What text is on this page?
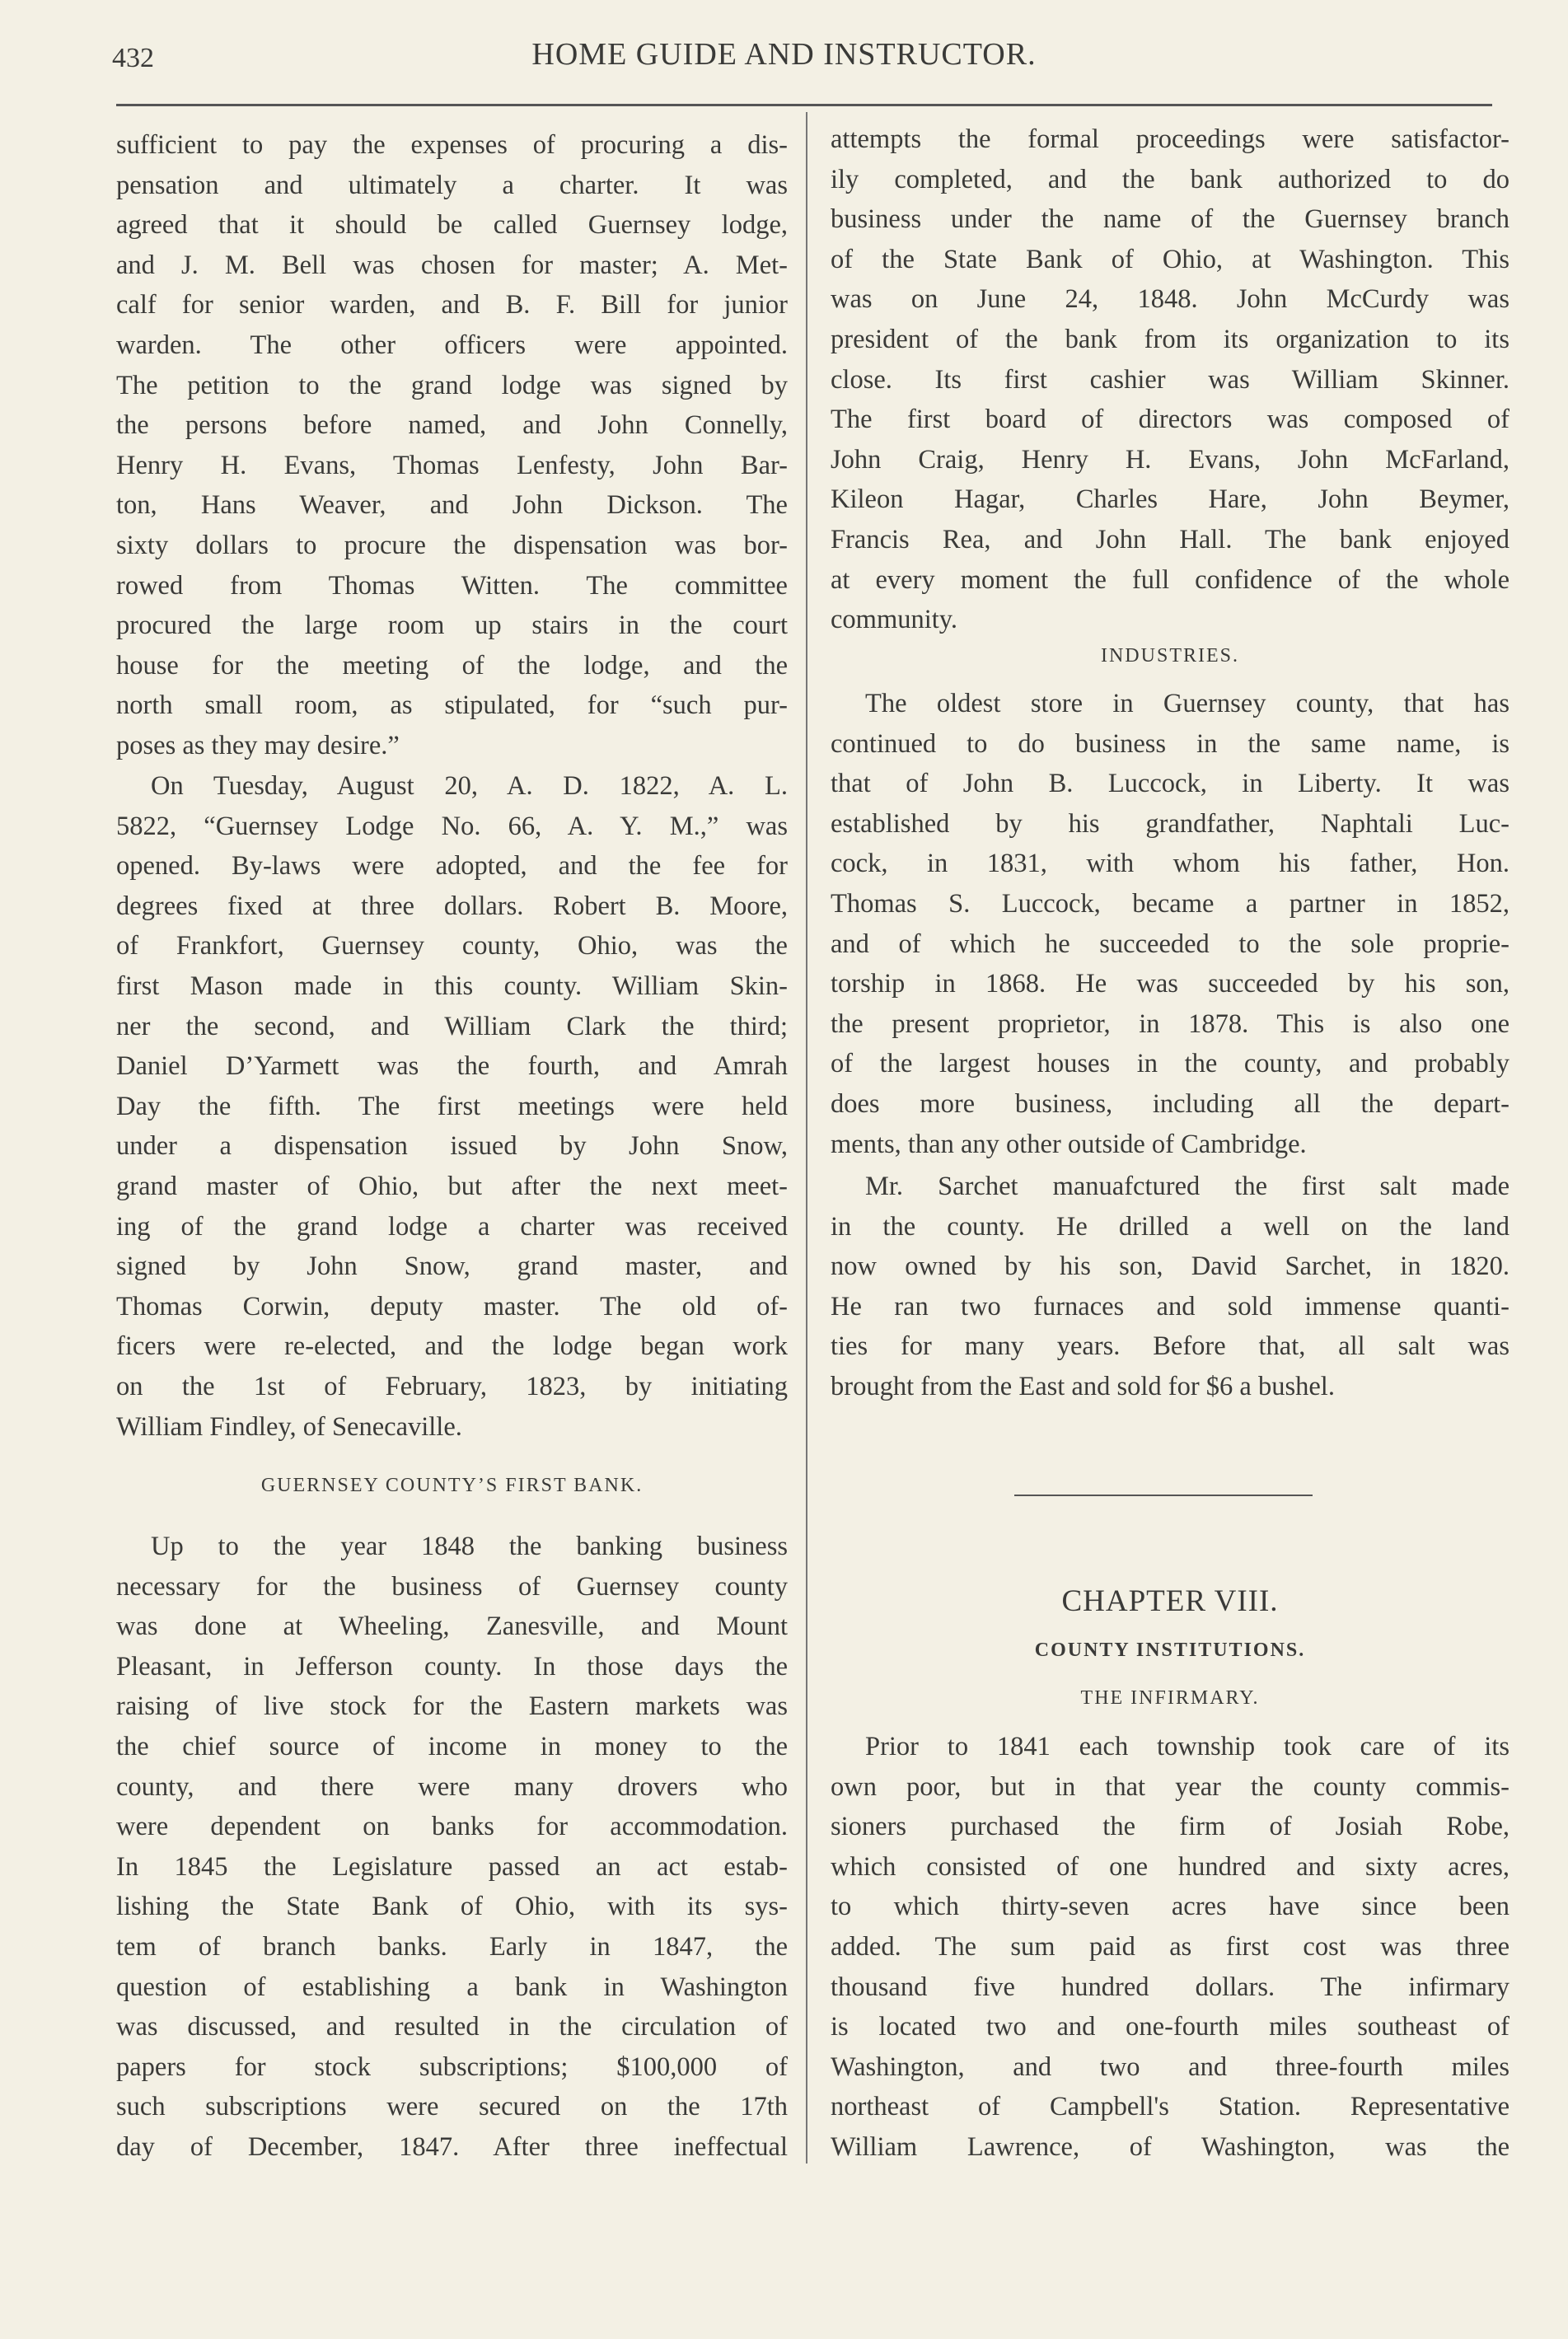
432	HOME GUIDE AND INSTRUCTOR.
sufficient to pay the expenses of procuring a dis-
pensation and ultimately a charter. It was
agreed that it should be called Guernsey lodge,
and J. M. Bell was chosen for master; A. Met-
calf for senior warden, and B. F. Bill for junior
warden. The other officers were appointed.
The petition to the grand lodge was signed by
the persons before named, and John Connelly,
Henry H. Evans, Thomas Lenfesty, John Bar-
ton, Hans Weaver, and John Dickson. The
sixty dollars to procure the dispensation was bor-
rowed from Thomas Witten. The committee
procured the large room up stairs in the court
house for the meeting of the lodge, and the
north small room, as stipulated, for “such pur-
poses as they may desire.”
On Tuesday, August 20, A. D. 1822, A. L.
5822, “Guernsey Lodge No. 66, A. Y. M.,” was
opened. By-laws were adopted, and the fee for
degrees fixed at three dollars. Robert B. Moore,
of Frankfort, Guernsey county, Ohio, was the
first Mason made in this county. William Skin-
ner the second, and William Clark the third;
Daniel D’Yarmett was the fourth, and Amrah
Day the fifth. The first meetings were held
under a dispensation issued by John Snow,
grand master of Ohio, but after the next meet-
ing of the grand lodge a charter was received
signed by John Snow, grand master, and
Thomas Corwin, deputy master. The old of-
ficers were re-elected, and the lodge began work
on the 1st of February, 1823, by initiating
William Findley, of Senecaville.
GUERNSEY COUNTY’S FIRST BANK.
Up to the year 1848 the banking business
necessary for the business of Guernsey county
was done at Wheeling, Zanesville, and Mount
Pleasant, in Jefferson county. In those days the
raising of live stock for the Eastern markets was
the chief source of income in money to the
county, and there were many drovers who
were dependent on banks for accommodation.
In 1845 the Legislature passed an act estab-
lishing the State Bank of Ohio, with its sys-
tem of branch banks. Early in 1847, the
question of establishing a bank in Washington
was discussed, and resulted in the circulation of
papers for stock subscriptions; $100,000 of
such subscriptions were secured on the 17th
day of December, 1847. After three ineffectual
attempts the formal proceedings were satisfactor-
ily completed, and the bank authorized to do
business under the name of the Guernsey branch
of the State Bank of Ohio, at Washington. This
was on June 24, 1848. John McCurdy was
president of the bank from its organization to its
close. Its first cashier was William Skinner.
The first board of directors was composed of
John Craig, Henry H. Evans, John McFarland,
Kileon Hagar, Charles Hare, John Beymer,
Francis Rea, and John Hall. The bank enjoyed
at every moment the full confidence of the whole
community.
INDUSTRIES.
The oldest store in Guernsey county, that has
continued to do business in the same name, is
that of John B. Luccock, in Liberty. It was
established by his grandfather, Naphtali Luc-
cock, in 1831, with whom his father, Hon.
Thomas S. Luccock, became a partner in 1852,
and of which he succeeded to the sole proprie-
torship in 1868. He was succeeded by his son,
the present proprietor, in 1878. This is also one
of the largest houses in the county, and probably
does more business, including all the depart-
ments, than any other outside of Cambridge.
Mr. Sarchet manuafctured the first salt made
in the county. He drilled a well on the land
now owned by his son, David Sarchet, in 1820.
He ran two furnaces and sold immense quanti-
ties for many years. Before that, all salt was
brought from the East and sold for $6 a bushel.
CHAPTER VIII.
COUNTY INSTITUTIONS.
THE INFIRMARY.
Prior to 1841 each township took care of its
own poor, but in that year the county commis-
sioners purchased the firm of Josiah Robe,
which consisted of one hundred and sixty acres,
to which thirty-seven acres have since been
added. The sum paid as first cost was three
thousand five hundred dollars. The infirmary
is located two and one-fourth miles southeast of
Washington, and two and three-fourth miles
northeast of Campbell's Station. Representative
William Lawrence, of Washington, was the
